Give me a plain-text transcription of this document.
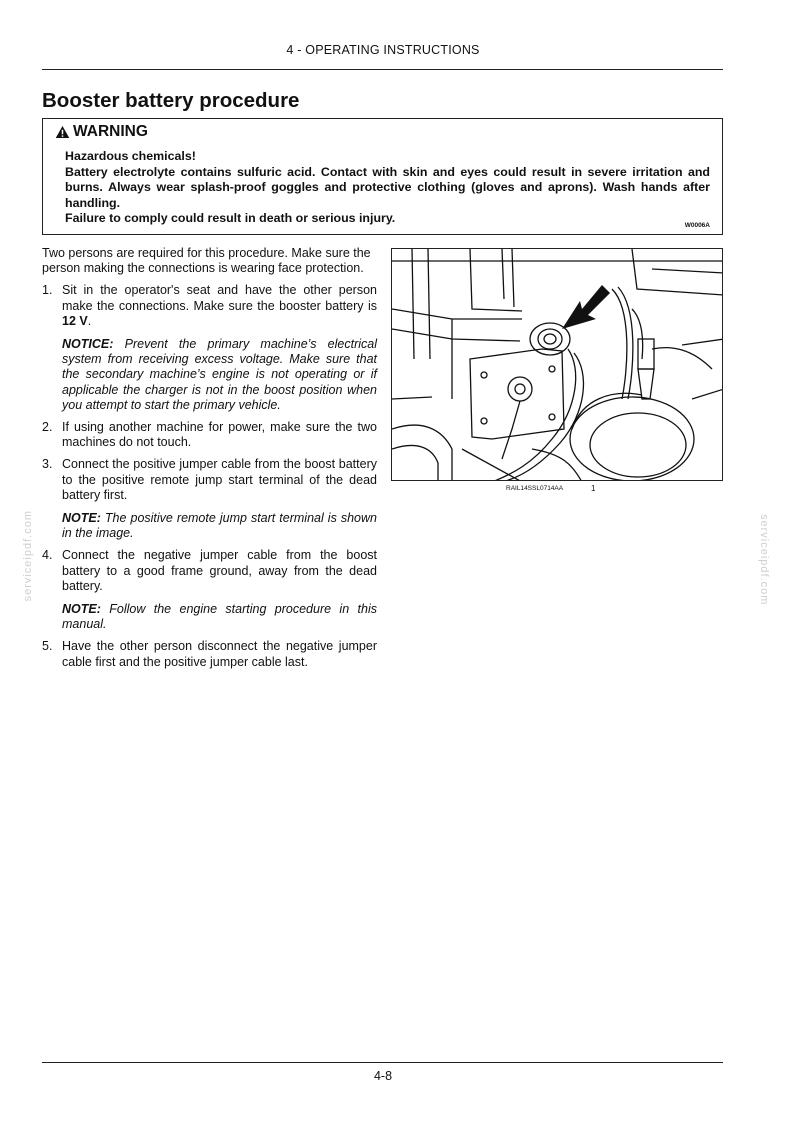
4 - OPERATING INSTRUCTIONS
Booster battery procedure
WARNING

Hazardous chemicals!

Battery electrolyte contains sulfuric acid. Contact with skin and eyes could result in severe irritation and burns. Always wear splash-proof goggles and protective clothing (gloves and aprons). Wash hands after handling.

Failure to comply could result in death or serious injury.

W0006A
Two persons are required for this procedure. Make sure the person making the connections is wearing face protection.
1. Sit in the operator's seat and have the other person make the connections. Make sure the booster battery is 12 V.
NOTICE: Prevent the primary machine’s electrical system from receiving excess voltage. Make sure that the secondary machine’s engine is not operating or if applicable the charger is not in the boost position when you attempt to start the primary vehicle.
2. If using another machine for power, make sure the two machines do not touch.
3. Connect the positive jumper cable from the boost battery to the positive remote jump start terminal of the dead battery first.
NOTE: The positive remote jump start terminal is shown in the image.
4. Connect the negative jumper cable from the boost battery to a good frame ground, away from the dead battery.
NOTE: Follow the engine starting procedure in this manual.
5. Have the other person disconnect the negative jumper cable first and the positive jumper cable last.
RAIL14SSL0714AA	1
serviceipdf.com	serviceipdf.com
4-8
